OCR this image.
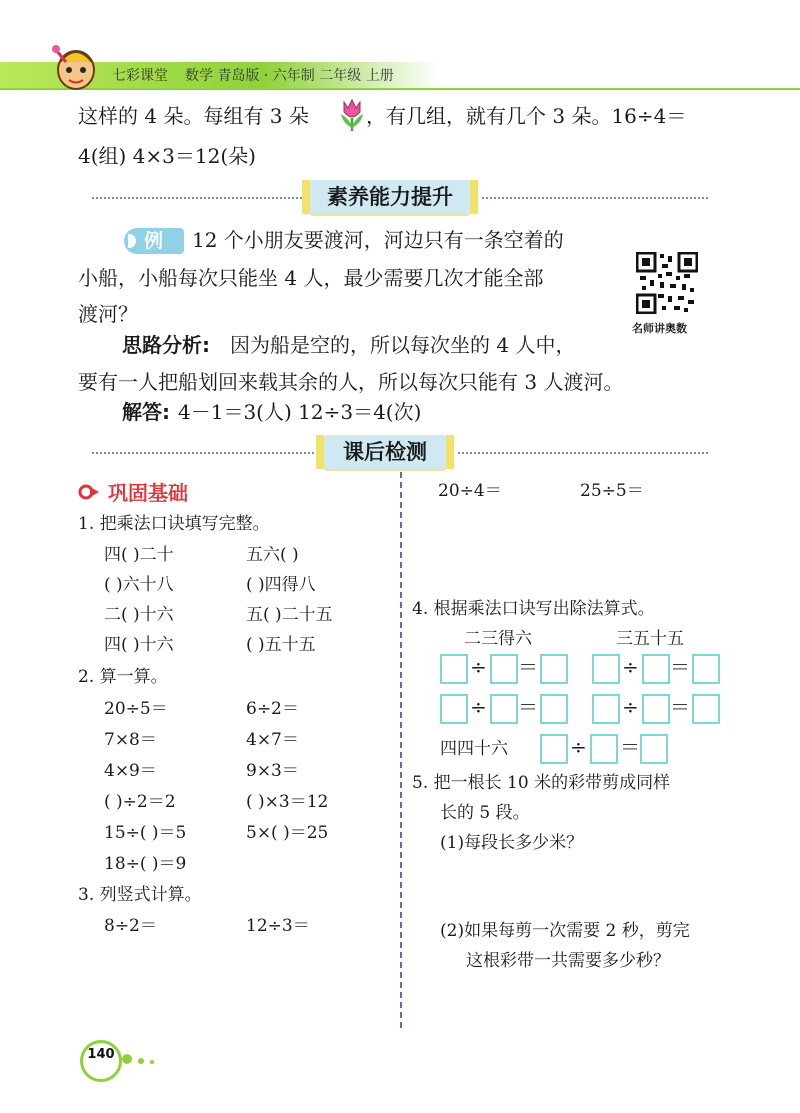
七彩课堂 数学 青岛版 · 六年制 二年级 上册
这样的 4 朵。每组有 3 朵	，有几组，就有几个 3 朵。16÷4＝
4(组) 4×3＝12(朵)
素养能力提升
例 12 个小朋友要渡河，河边只有一条空着的
小船，小船每次只能坐 4 人，最少需要几次才能全部
渡河？
名师讲奥数
思路分析: 因为船是空的，所以每次坐的 4 人中，
要有一人把船划回来载其余的人，所以每次只能有 3 人渡河。
解答: 4－1＝3(人) 12÷3＝4(次)
课后检测
巩固基础
1. 把乘法口诀填写完整。
四( )二十	五六( )
( )六十八	( )四得八
二( )十六	五( )二十五
四( )十六	( )五十五
2. 算一算。
20÷5＝	6÷2＝
7×8＝	4×7＝
4×9＝	9×3＝
( )÷2＝2	( )×3＝12
15÷( )＝5	5×( )＝25
18÷( )＝9
3. 列竖式计算。
8÷2＝	12÷3＝
20÷4＝	25÷5＝
4. 根据乘法口诀写出除法算式。
二三得六	三五十五
÷ ＝	÷ ＝
÷ ＝	÷ ＝
四四十六	÷ ＝
5. 把一根长 10 米的彩带剪成同样
长的 5 段。
(1)每段长多少米？
(2)如果每剪一次需要 2 秒，剪完
这根彩带一共需要多少秒？
140
